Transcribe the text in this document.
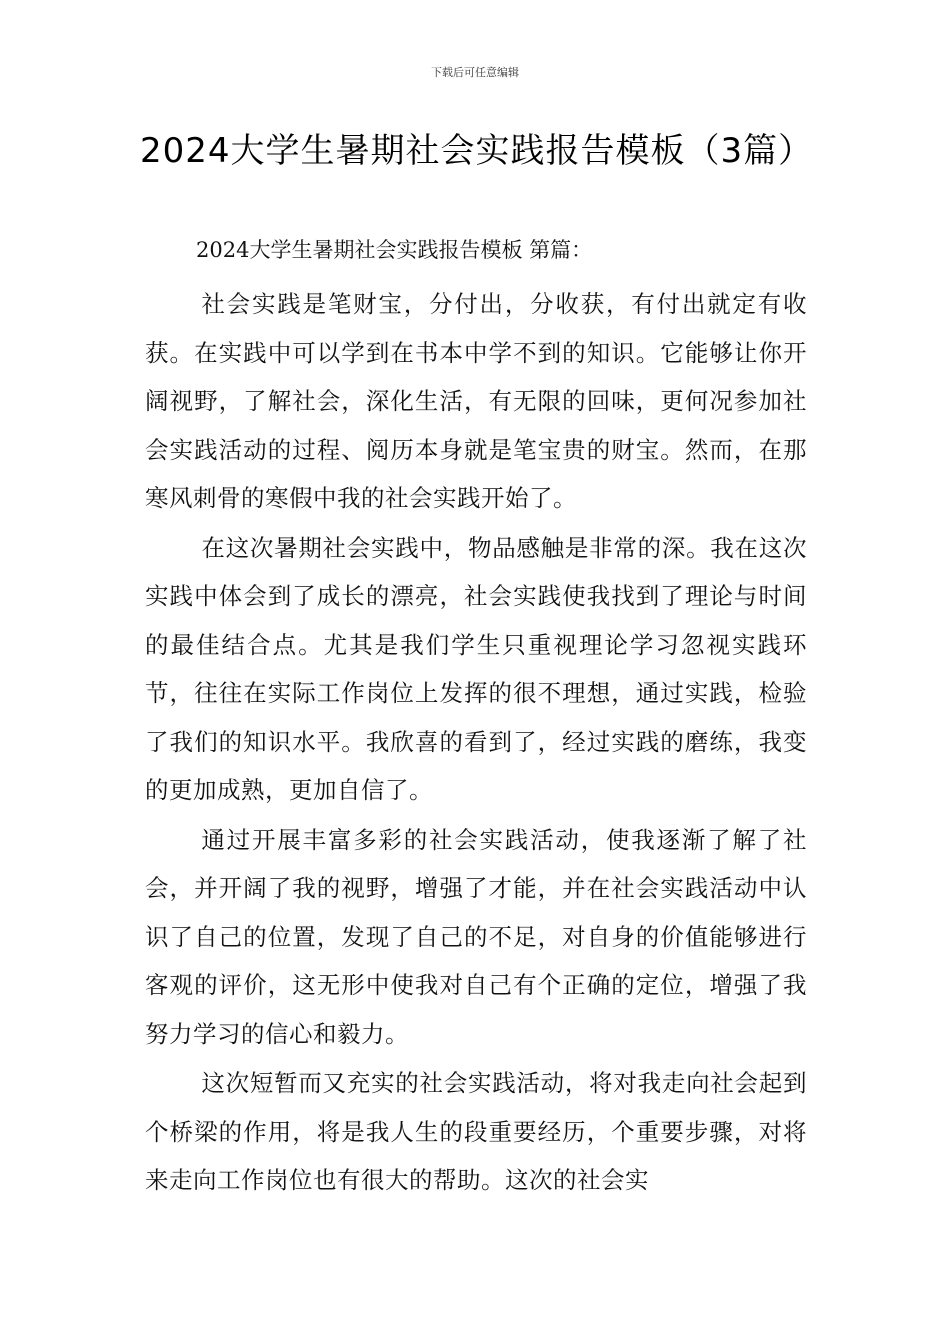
下载后可任意编辑
2024大学生暑期社会实践报告模板（3篇）
2024大学生暑期社会实践报告模板 第篇：

社会实践是笔财宝，分付出，分收获，有付出就定有收获。在实践中可以学到在书本中学不到的知识。它能够让你开阔视野，了解社会，深化生活，有无限的回味，更何况参加社会实践活动的过程、阅历本身就是笔宝贵的财宝。然而，在那寒风刺骨的寒假中我的社会实践开始了。

在这次暑期社会实践中，物品感触是非常的深。我在这次实践中体会到了成长的漂亮，社会实践使我找到了理论与时间的最佳结合点。尤其是我们学生只重视理论学习忽视实践环节，往往在实际工作岗位上发挥的很不理想，通过实践，检验了我们的知识水平。我欣喜的看到了，经过实践的磨练，我变的更加成熟，更加自信了。

通过开展丰富多彩的社会实践活动，使我逐渐了解了社会，并开阔了我的视野，增强了才能，并在社会实践活动中认识了自己的位置，发现了自己的不足，对自身的价值能够进行客观的评价，这无形中使我对自己有个正确的定位，增强了我努力学习的信心和毅力。

这次短暂而又充实的社会实践活动，将对我走向社会起到个桥梁的作用，将是我人生的段重要经历，个重要步骤，对将来走向工作岗位也有很大的帮助。这次的社会实
